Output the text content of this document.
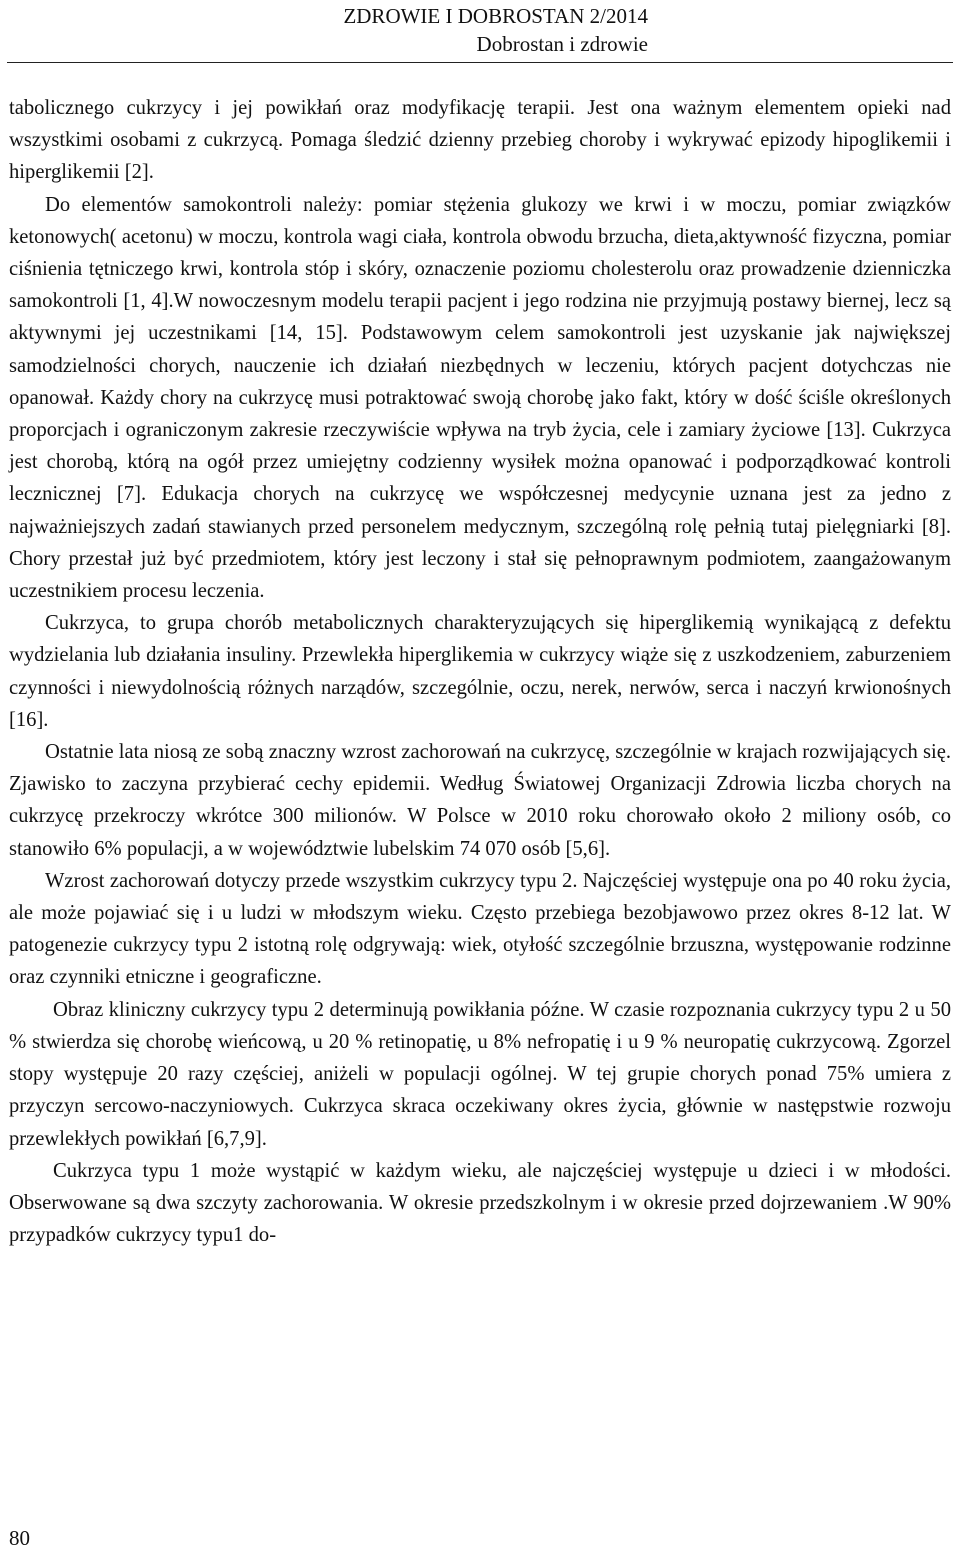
ZDROWIE I DOBROSTAN 2/2014
Dobrostan i zdrowie

tabolicznego cukrzycy i jej powikłań oraz modyfikację terapii. Jest ona ważnym elementem opieki nad wszystkimi osobami z cukrzycą. Pomaga śledzić dzienny przebieg choroby i wykrywać epizody hipoglikemii i hiperglikemii [2].

Do elementów samokontroli należy: pomiar stężenia glukozy we krwi i w moczu, pomiar związków ketonowych( acetonu) w moczu, kontrola wagi ciała, kontrola obwodu brzucha, dieta,aktywność fizyczna, pomiar ciśnienia tętniczego krwi, kontrola stóp i skóry, oznaczenie poziomu cholesterolu oraz prowadzenie dzienniczka samokontroli [1, 4].W nowoczesnym modelu terapii pacjent i jego rodzina nie przyjmują postawy biernej, lecz są aktywnymi jej uczestnikami [14, 15]. Podstawowym celem samokontroli jest uzyskanie jak największej samodzielności chorych, nauczenie ich działań niezbędnych w leczeniu, których pacjent dotychczas nie opanował. Każdy chory na cukrzycę musi potraktować swoją chorobę jako fakt, który w dość ściśle określonych proporcjach i ograniczonym zakresie rzeczywiście wpływa na tryb życia, cele i zamiary życiowe [13]. Cukrzyca jest chorobą, którą na ogół przez umiejętny codzienny wysiłek można opanować i podporządkować kontroli lecznicznej [7]. Edukacja chorych na cukrzycę we współczesnej medycynie uznana jest za jedno z najważniejszych zadań stawianych przed personelem medycznym, szczególną rolę pełnią tutaj pielęgniarki [8]. Chory przestał już być przedmiotem, który jest leczony i stał się pełnoprawnym podmiotem, zaangażowanym uczestnikiem procesu leczenia.

Cukrzyca, to grupa chorób metabolicznych charakteryzujących się hiperglikemią wynikającą z defektu wydzielania lub działania insuliny. Przewlekła hiperglikemia w cukrzycy wiąże się z uszkodzeniem, zaburzeniem czynności i niewydolnością różnych narządów, szczególnie, oczu, nerek, nerwów, serca i naczyń krwionośnych [16].

Ostatnie lata niosą ze sobą znaczny wzrost zachorowań na cukrzycę, szczególnie w krajach rozwijających się. Zjawisko to zaczyna przybierać cechy epidemii. Według Światowej Organizacji Zdrowia liczba chorych na cukrzycę przekroczy wkrótce 300 milionów. W Polsce w 2010 roku chorowało około 2 miliony osób, co stanowiło 6% populacji, a w województwie lubelskim 74 070 osób [5,6].

Wzrost zachorowań dotyczy przede wszystkim cukrzycy typu 2. Najczęściej występuje ona po 40 roku życia, ale może pojawiać się i u ludzi w młodszym wieku. Często przebiega bezobjawowo przez okres 8-12 lat. W patogenezie cukrzycy typu 2 istotną rolę odgrywają: wiek, otyłość szczególnie brzuszna, występowanie rodzinne oraz czynniki etniczne i geograficzne.

Obraz kliniczny cukrzycy typu 2 determinują powikłania późne. W czasie rozpoznania cukrzycy typu 2 u 50 % stwierdza się chorobę wieńcową, u 20 % retinopatię, u 8% nefropatię i u 9 % neuropatię cukrzycową. Zgorzel stopy występuje 20 razy częściej, aniżeli w populacji ogólnej. W tej grupie chorych ponad 75% umiera z przyczyn sercowo-naczyniowych. Cukrzyca skraca oczekiwany okres życia, głównie w następstwie rozwoju przewlekłych powikłań [6,7,9].

Cukrzyca typu 1 może wystąpić w każdym wieku, ale najczęściej występuje u dzieci i w młodości. Obserwowane są dwa szczyty zachorowania. W okresie przedszkolnym i w okresie przed dojrzewaniem .W 90% przypadków cukrzycy typu1 do-

80
